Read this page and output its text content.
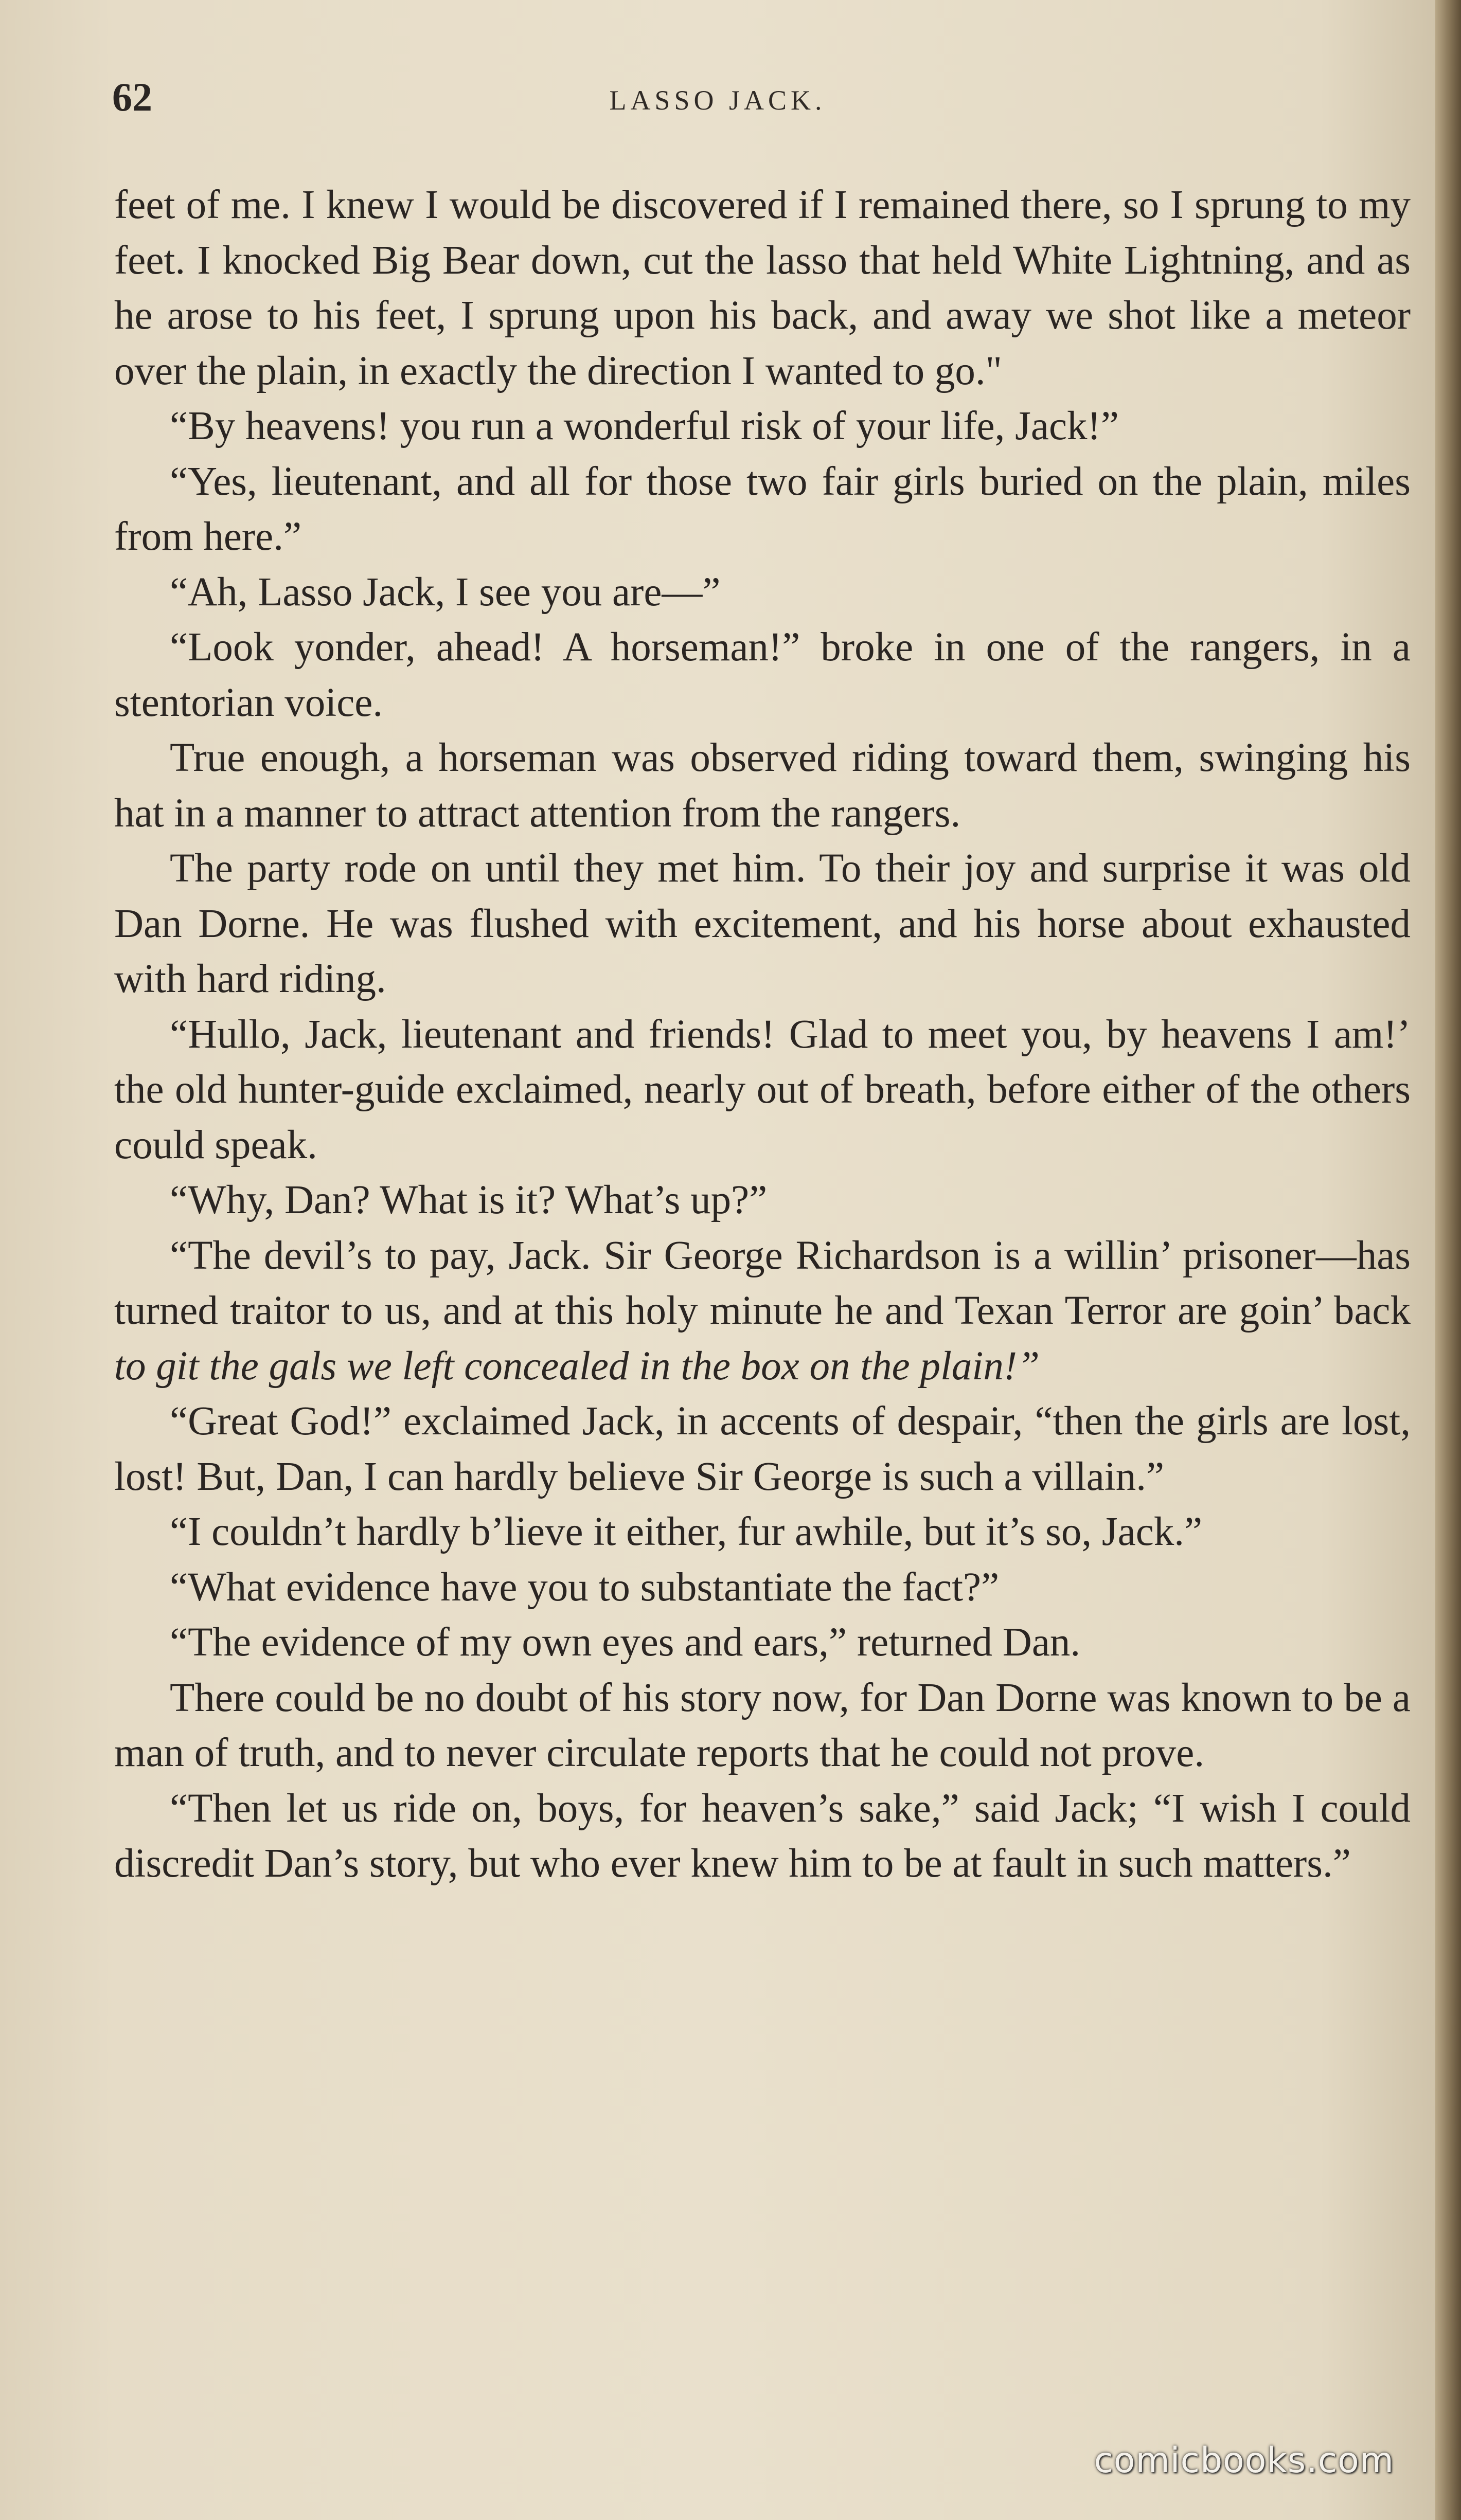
62	LASSO JACK.

feet of me. I knew I would be discovered if I remained there, so I sprung to my feet. I knocked Big Bear down, cut the lasso that held White Lightning, and as he arose to his feet, I sprung upon his back, and away we shot like a meteor over the plain, in exactly the direction I wanted to go."

“By heavens! you run a wonderful risk of your life, Jack!”

“Yes, lieutenant, and all for those two fair girls buried on the plain, miles from here.”

“Ah, Lasso Jack, I see you are—”

“Look yonder, ahead! A horseman!” broke in one of the rangers, in a stentorian voice.

True enough, a horseman was observed riding toward them, swinging his hat in a manner to attract attention from the rangers.

The party rode on until they met him. To their joy and surprise it was old Dan Dorne. He was flushed with excitement, and his horse about exhausted with hard riding.

“Hullo, Jack, lieutenant and friends! Glad to meet you, by heavens I am!’ the old hunter-guide exclaimed, nearly out of breath, before either of the others could speak.

“Why, Dan? What is it? What’s up?”

“The devil’s to pay, Jack. Sir George Richardson is a willin’ prisoner—has turned traitor to us, and at this holy minute he and Texan Terror are goin’ back to git the gals we left concealed in the box on the plain!”

“Great God!” exclaimed Jack, in accents of despair, “then the girls are lost, lost! But, Dan, I can hardly believe Sir George is such a villain.”

“I couldn’t hardly b’lieve it either, fur awhile, but it’s so, Jack.”

“What evidence have you to substantiate the fact?”

“The evidence of my own eyes and ears,” returned Dan.

There could be no doubt of his story now, for Dan Dorne was known to be a man of truth, and to never circulate reports that he could not prove.

“Then let us ride on, boys, for heaven’s sake,” said Jack; “I wish I could discredit Dan’s story, but who ever knew him to be at fault in such matters.”

comicbooks.com
